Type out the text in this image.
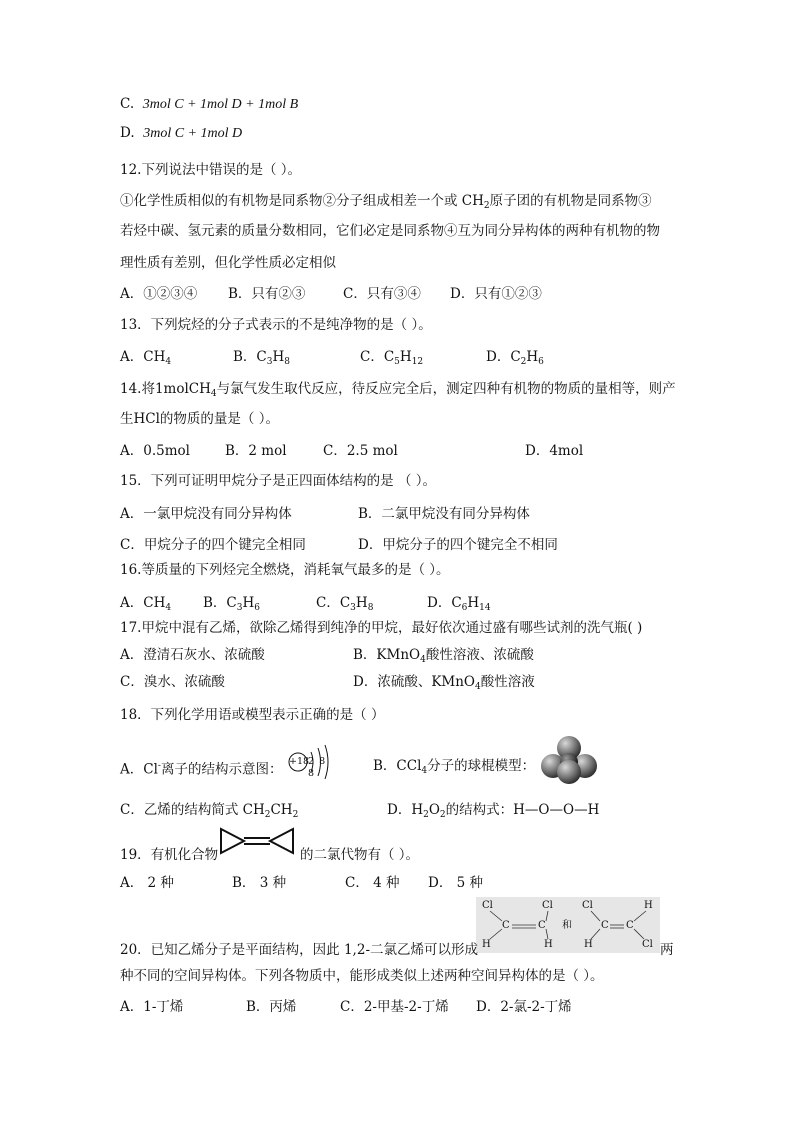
C. 3mol C + 1mol D + 1mol B
D. 3mol C + 1mol D
12.下列说法中错误的是（ ）。
①化学性质相似的有机物是同系物②分子组成相差一个或 $CH_2$原子团的有机物是同系物③
若烃中碳、氢元素的质量分数相同，它们必定是同系物④互为同分异构体的两种有机物的物
理性质有差别，但化学性质必定相似
A．①②③④ B．只有②③	C．只有③④ D．只有①②③
13．下列烷烃的分子式表示的不是纯净物的是（ ）。
A．$CH_4$	B．$C_3H_8$	C．$C_5H_{12}$	D．$C_2H_6$
14.将1molCH$_4$与氯气发生取代反应，待反应完全后，测定四种有机物的物质的量相等，则产
生HCl的物质的量是（ ）。
A．0.5mol	B．2 mol	C．2.5 mol	D．4mol
15．下列可证明甲烷分子是正四面体结构的是 （ ）。
A．一氯甲烷没有同分异构体	B．二氯甲烷没有同分异构体
C．甲烷分子的四个键完全相同	D．甲烷分子的四个键完全不相同
16.等质量的下列烃完全燃烧，消耗氧气最多的是（ ）。
A．$CH_4$ B．$C_3H_6$	C．$C_3H_8$	D．$C_6H_{14}$
17.甲烷中混有乙烯，欲除乙烯得到纯净的甲烷，最好依次通过盛有哪些试剂的洗气瓶( )
A．澄清石灰水、浓硫酸	B．KMnO$_4$酸性溶液、浓硫酸
C．溴水、浓硫酸	D．浓硫酸、KMnO$_4$酸性溶液
18．下列化学用语或模型表示正确的是（ ）
A．Cl-离子的结构示意图： +18
2 8 8	B．CCl$_4$分子的球棍模型：
C．乙烯的结构简式 $CH_2CH_2$	D．$H_2O_2$的结构式：H—O—O—H
19．有机化合物	的二氯代物有（ ）。
A． 2 种	B． 3 种	C． 4 种 D． 5 种
Cl	Cl
C	C
H	H
和
Cl	H
C C
H	Cl
20．已知乙烯分子是平面结构，因此 1,2-二氯乙烯可以形成	两
种不同的空间异构体。下列各物质中，能形成类似上述两种空间异构体的是（ ）。
A．1-丁烯	B．丙烯	C．2-甲基-2-丁烯 D．2-氯-2-丁烯
